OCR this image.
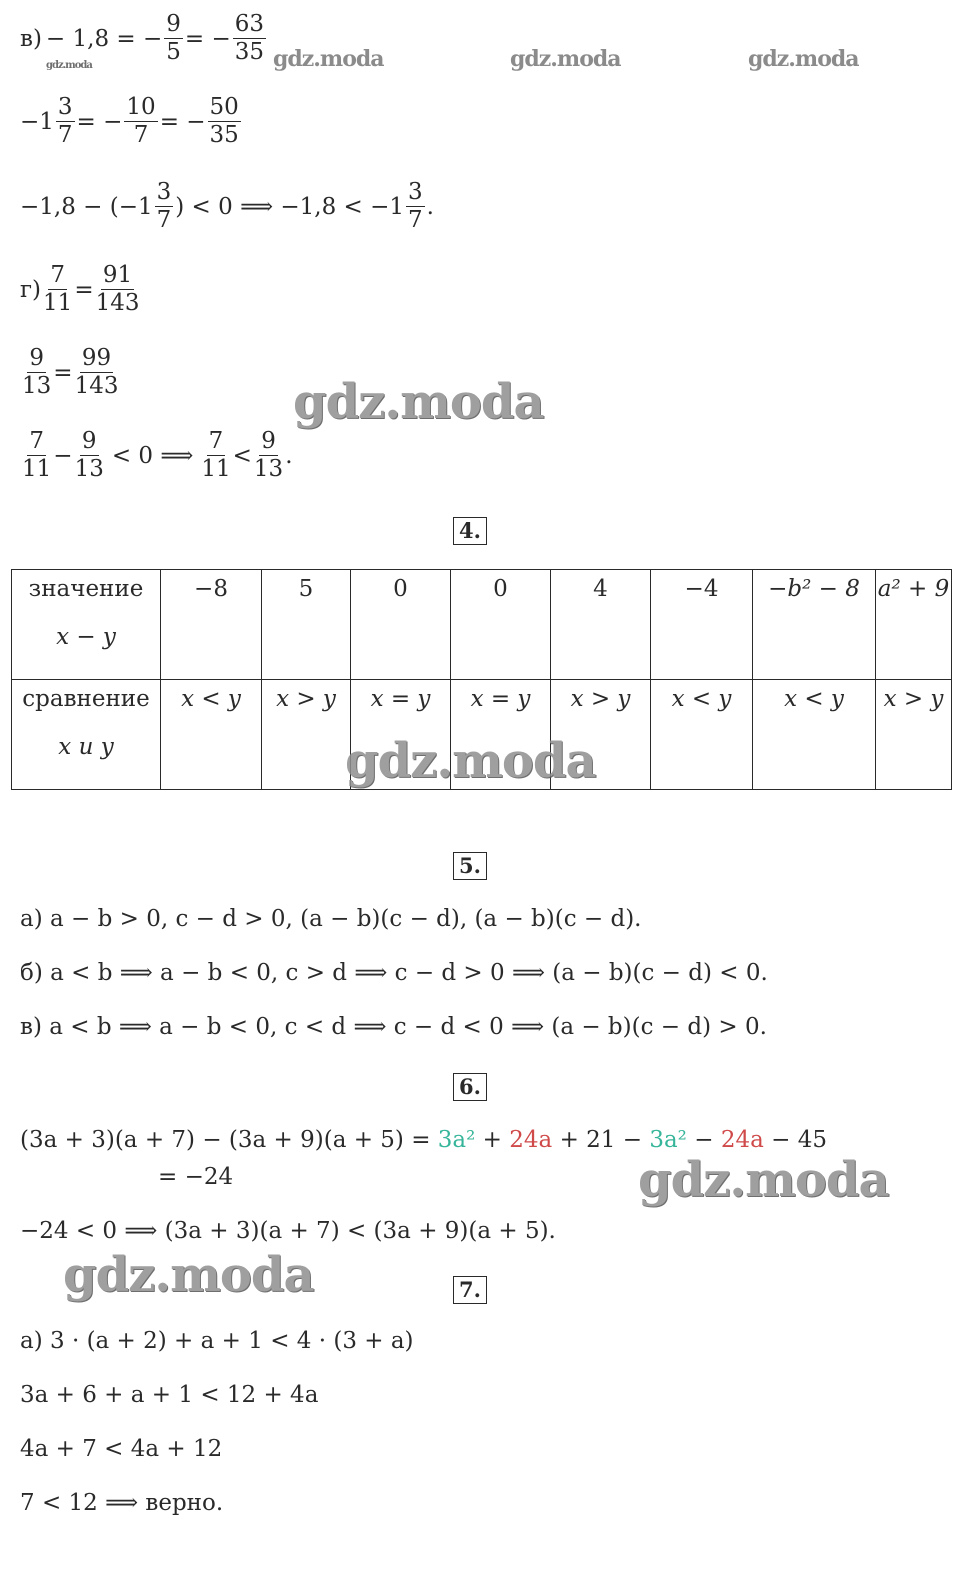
в) − 1,8 = − $\frac{9}{5}$ = − $\frac{63}{35}$
$-1 \frac{3}{7}$ = − $\frac{10}{7}$ = − $\frac{50}{35}$
$-1,8 - (-1 \frac{3}{7}$ ) < 0 ⟹ $-1,8 < -1 \frac{3}{7}$ .
$г) \frac{7}{11} = \frac{91}{143}$
$\frac{9}{13} = \frac{99}{143}$
$\frac{7}{11} - \frac{9}{13} < 0$ ⟹ $\frac{7}{11} < \frac{9}{13}$ .
4.
значение
x − y	−8	5	0	0	4	−4	−b² − 8	a² + 9
сравнение
x и y	x < y	x > y	x = y	x = y	x > y	x < y	x < y	x > y
5.
а) a − b > 0, c − d > 0, (a − b)(c − d), (a − b)(c − d).
б) a < b ⟹ a − b < 0, c > d ⟹ c − d > 0 ⟹ (a − b)(c − d) < 0.
в) a < b ⟹ a − b < 0, c < d ⟹ c − d < 0 ⟹ (a − b)(c − d) > 0.
6.
(3a + 3)(a + 7) − (3a + 9)(a + 5) = 3a² + 24a + 21 − 3a² − 24a − 45
= −24
−24 < 0 ⟹ (3a + 3)(a + 7) < (3a + 9)(a + 5).
7.
а) 3 · (a + 2) + a + 1 < 4 · (3 + a)
3a + 6 + a + 1 < 12 + 4a
4a + 7 < 4a + 12
7 < 12 ⟹ верно.
gdz.moda	gdz.moda	gdz.moda	gdz.moda
gdz.moda
gdz.moda
gdz.moda
gdz.moda
